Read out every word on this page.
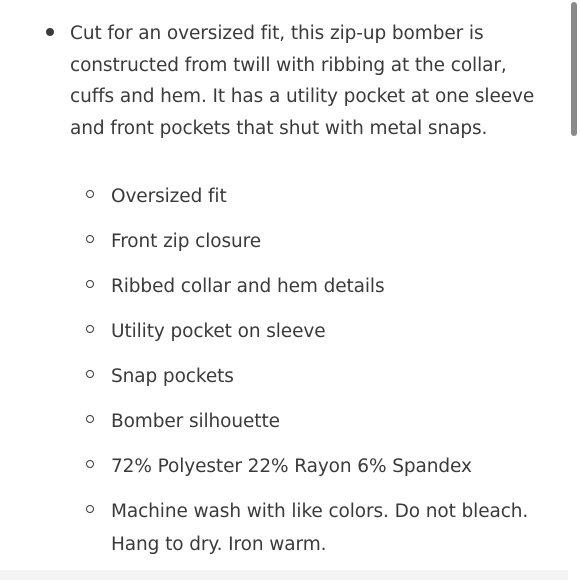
Cut for an oversized fit, this zip-up bomber is constructed from twill with ribbing at the collar, cuffs and hem. It has a utility pocket at one sleeve and front pockets that shut with metal snaps.

Oversized fit
Front zip closure
Ribbed collar and hem details
Utility pocket on sleeve
Snap pockets
Bomber silhouette
72% Polyester 22% Rayon 6% Spandex
Machine wash with like colors. Do not bleach. Hang to dry. Iron warm.
